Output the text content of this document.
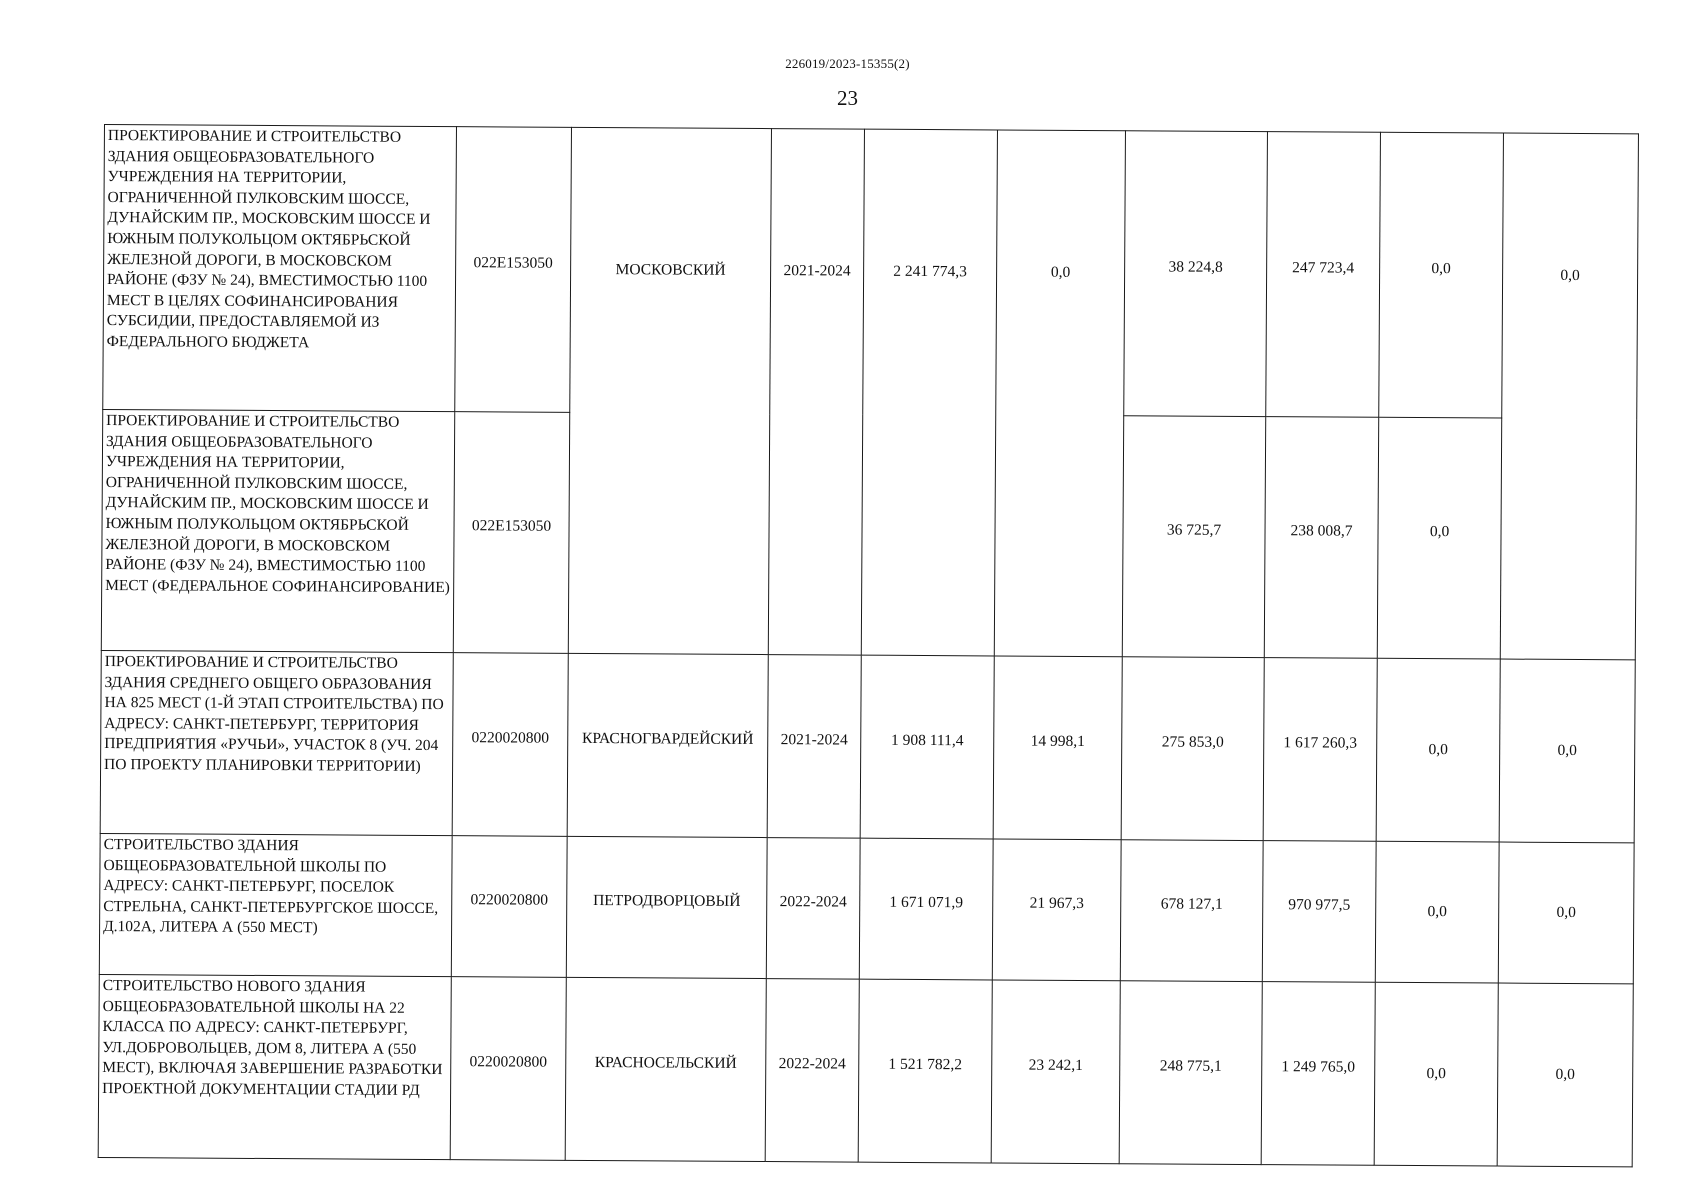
226019/2023-15355(2)
23
ПРОЕКТИРОВАНИЕ И СТРОИТЕЛЬСТВО ЗДАНИЯ ОБЩЕОБРАЗОВАТЕЛЬНОГО УЧРЕЖДЕНИЯ НА ТЕРРИТОРИИ, ОГРАНИЧЕННОЙ ПУЛКОВСКИМ ШОССЕ, ДУНАЙСКИМ ПР., МОСКОВСКИМ ШОССЕ И ЮЖНЫМ ПОЛУКОЛЬЦОМ ОКТЯБРЬСКОЙ ЖЕЛЕЗНОЙ ДОРОГИ, В МОСКОВСКОМ РАЙОНЕ (ФЗУ № 24), ВМЕСТИМОСТЬЮ 1100 МЕСТ В ЦЕЛЯХ СОФИНАНСИРОВАНИЯ СУБСИДИИ, ПРЕДОСТАВЛЯЕМОЙ ИЗ ФЕДЕРАЛЬНОГО БЮДЖЕТА	022E153050	МОСКОВСКИЙ	2021-2024	2 241 774,3	0,0	38 224,8	247 723,4	0,0	0,0

ПРОЕКТИРОВАНИЕ И СТРОИТЕЛЬСТВО ЗДАНИЯ ОБЩЕОБРАЗОВАТЕЛЬНОГО УЧРЕЖДЕНИЯ НА ТЕРРИТОРИИ, ОГРАНИЧЕННОЙ ПУЛКОВСКИМ ШОССЕ, ДУНАЙСКИМ ПР., МОСКОВСКИМ ШОССЕ И ЮЖНЫМ ПОЛУКОЛЬЦОМ ОКТЯБРЬСКОЙ ЖЕЛЕЗНОЙ ДОРОГИ, В МОСКОВСКОМ РАЙОНЕ (ФЗУ № 24), ВМЕСТИМОСТЬЮ 1100 МЕСТ (ФЕДЕРАЛЬНОЕ СОФИНАНСИРОВАНИЕ)	022E153050					36 725,7	238 008,7	0,0	
ПРОЕКТИРОВАНИЕ И СТРОИТЕЛЬСТВО ЗДАНИЯ СРЕДНЕГО ОБЩЕГО ОБРАЗОВАНИЯ НА 825 МЕСТ (1-Й ЭТАП СТРОИТЕЛЬСТВА) ПО АДРЕСУ: САНКТ-ПЕТЕРБУРГ, ТЕРРИТОРИЯ ПРЕДПРИЯТИЯ «РУЧЬИ», УЧАСТОК 8 (УЧ. 204 ПО ПРОЕКТУ ПЛАНИРОВКИ ТЕРРИТОРИИ)	0220020800	КРАСНОГВАРДЕЙСКИЙ	2021-2024	1 908 111,4	14 998,1	275 853,0	1 617 260,3	0,0	0,0
СТРОИТЕЛЬСТВО ЗДАНИЯ ОБЩЕОБРАЗОВАТЕЛЬНОЙ ШКОЛЫ ПО АДРЕСУ: САНКТ-ПЕТЕРБУРГ, ПОСЕЛОК СТРЕЛЬНА, САНКТ-ПЕТЕРБУРГСКОЕ ШОССЕ, Д.102А, ЛИТЕРА А (550 МЕСТ)	0220020800	ПЕТРОДВОРЦОВЫЙ	2022-2024	1 671 071,9	21 967,3	678 127,1	970 977,5	0,0	0,0
СТРОИТЕЛЬСТВО НОВОГО ЗДАНИЯ ОБЩЕОБРАЗОВАТЕЛЬНОЙ ШКОЛЫ НА 22 КЛАССА ПО АДРЕСУ: САНКТ-ПЕТЕРБУРГ, УЛ.ДОБРОВОЛЬЦЕВ, ДОМ 8, ЛИТЕРА А (550 МЕСТ), ВКЛЮЧАЯ ЗАВЕРШЕНИЕ РАЗРАБОТКИ ПРОЕКТНОЙ ДОКУМЕНТАЦИИ СТАДИИ РД	0220020800	КРАСНОСЕЛЬСКИЙ	2022-2024	1 521 782,2	23 242,1	248 775,1	1 249 765,0	0,0	0,0
